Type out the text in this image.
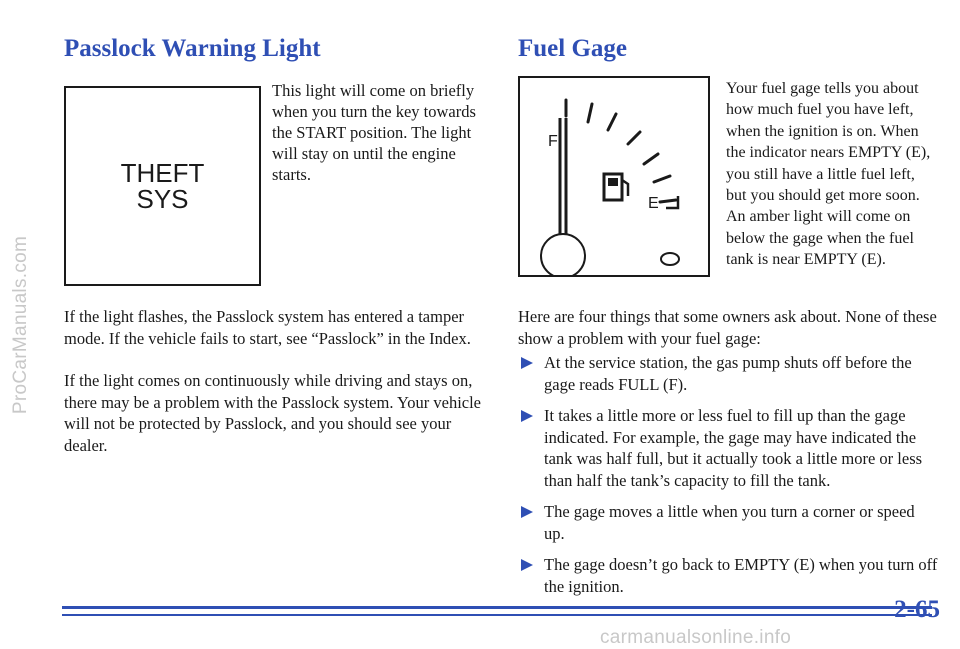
ProCarManuals.com
Passlock Warning Light
THEFT
SYS

This light will come on briefly when you turn the key towards the START position. The light will stay on until the engine starts.

If the light flashes, the Passlock system has entered a tamper mode. If the vehicle fails to start, see “Passlock” in the Index.

If the light comes on continuously while driving and stays on, there may be a problem with the Passlock system. Your vehicle will not be protected by Passlock, and you should see your dealer.

Fuel Gage
F
E

Your fuel gage tells you about how much fuel you have left, when the ignition is on. When the indicator nears EMPTY (E), you still have a little fuel left, but you should get more soon. An amber light will come on below the gage when the fuel tank is near EMPTY (E).

Here are four things that some owners ask about. None of these show a problem with your fuel gage:

At the service station, the gas pump shuts off before the gage reads FULL (F).
It takes a little more or less fuel to fill up than the gage indicated. For example, the gage may have indicated the tank was half full, but it actually took a little more or less than half the tank’s capacity to fill the tank.
The gage moves a little when you turn a corner or speed up.
The gage doesn’t go back to EMPTY (E) when you turn off the ignition.

2-65

carmanualsonline.info
